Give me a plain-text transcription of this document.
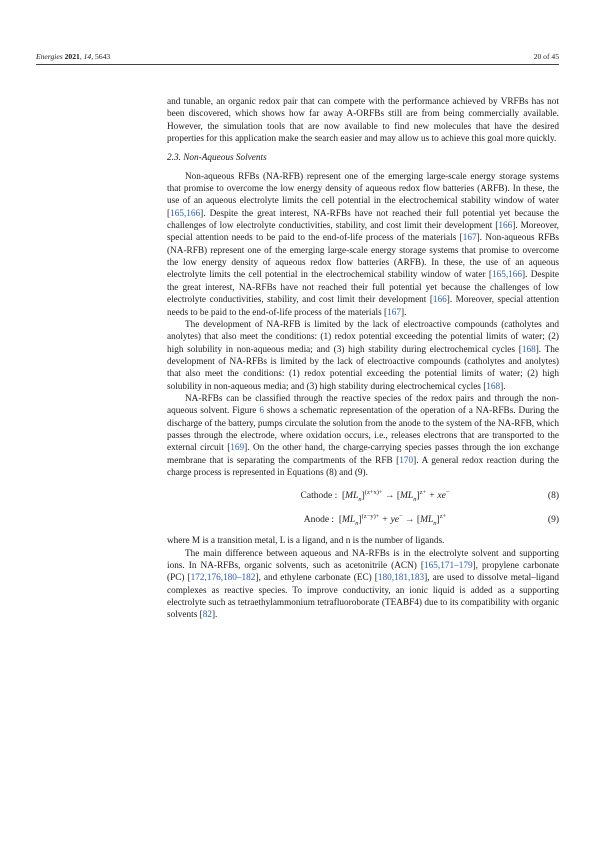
Energies 2021, 14, 5643	20 of 45

and tunable, an organic redox pair that can compete with the performance achieved by VRFBs has not been discovered, which shows how far away A-ORFBs still are from being commercially available. However, the simulation tools that are now available to find new molecules that have the desired properties for this application make the search easier and may allow us to achieve this goal more quickly.

2.3. Non-Aqueous Solvents

Non-aqueous RFBs (NA-RFB) represent one of the emerging large-scale energy storage systems that promise to overcome the low energy density of aqueous redox flow batteries (ARFB). In these, the use of an aqueous electrolyte limits the cell potential in the electrochemical stability window of water [165,166]. Despite the great interest, NA-RFBs have not reached their full potential yet because the challenges of low electrolyte conductivities, stability, and cost limit their development [166]. Moreover, special attention needs to be paid to the end-of-life process of the materials [167]. Non-aqueous RFBs (NA-RFB) represent one of the emerging large-scale energy storage systems that promise to overcome the low energy density of aqueous redox flow batteries (ARFB). In these, the use of an aqueous electrolyte limits the cell potential in the electrochemical stability window of water [165,166]. Despite the great interest, NA-RFBs have not reached their full potential yet because the challenges of low electrolyte conductivities, stability, and cost limit their development [166]. Moreover, special attention needs to be paid to the end-of-life process of the materials [167].

The development of NA-RFB is limited by the lack of electroactive compounds (catholytes and anolytes) that also meet the conditions: (1) redox potential exceeding the potential limits of water; (2) high solubility in non-aqueous media; and (3) high stability during electrochemical cycles [168]. The development of NA-RFBs is limited by the lack of electroactive compounds (catholytes and anolytes) that also meet the conditions: (1) redox potential exceeding the potential limits of water; (2) high solubility in non-aqueous media; and (3) high stability during electrochemical cycles [168].

NA-RFBs can be classified through the reactive species of the redox pairs and through the non-aqueous solvent. Figure 6 shows a schematic representation of the operation of a NA-RFBs. During the discharge of the battery, pumps circulate the solution from the anode to the system of the NA-RFB, which passes through the electrode, where oxidation occurs, i.e., releases electrons that are transported to the external circuit [169]. On the other hand, the charge-carrying species passes through the ion exchange membrane that is separating the compartments of the RFB [170]. A general redox reaction during the charge process is represented in Equations (8) and (9).

Cathode :  $[ML_n]^{(z+x)+} \to [ML_n]^{z+} + xe^-$	(8)
Anode :  $[ML_n]^{(z-y)+} + ye^- \to [ML_n]^{z+}$	(9)

where M is a transition metal, L is a ligand, and n is the number of ligands.

The main difference between aqueous and NA-RFBs is in the electrolyte solvent and supporting ions. In NA-RFBs, organic solvents, such as acetonitrile (ACN) [165,171–179], propylene carbonate (PC) [172,176,180–182], and ethylene carbonate (EC) [180,181,183], are used to dissolve metal–ligand complexes as reactive species. To improve conductivity, an ionic liquid is added as a supporting electrolyte such as tetraethylammonium tetrafluoroborate (TEABF4) due to its compatibility with organic solvents [82].
